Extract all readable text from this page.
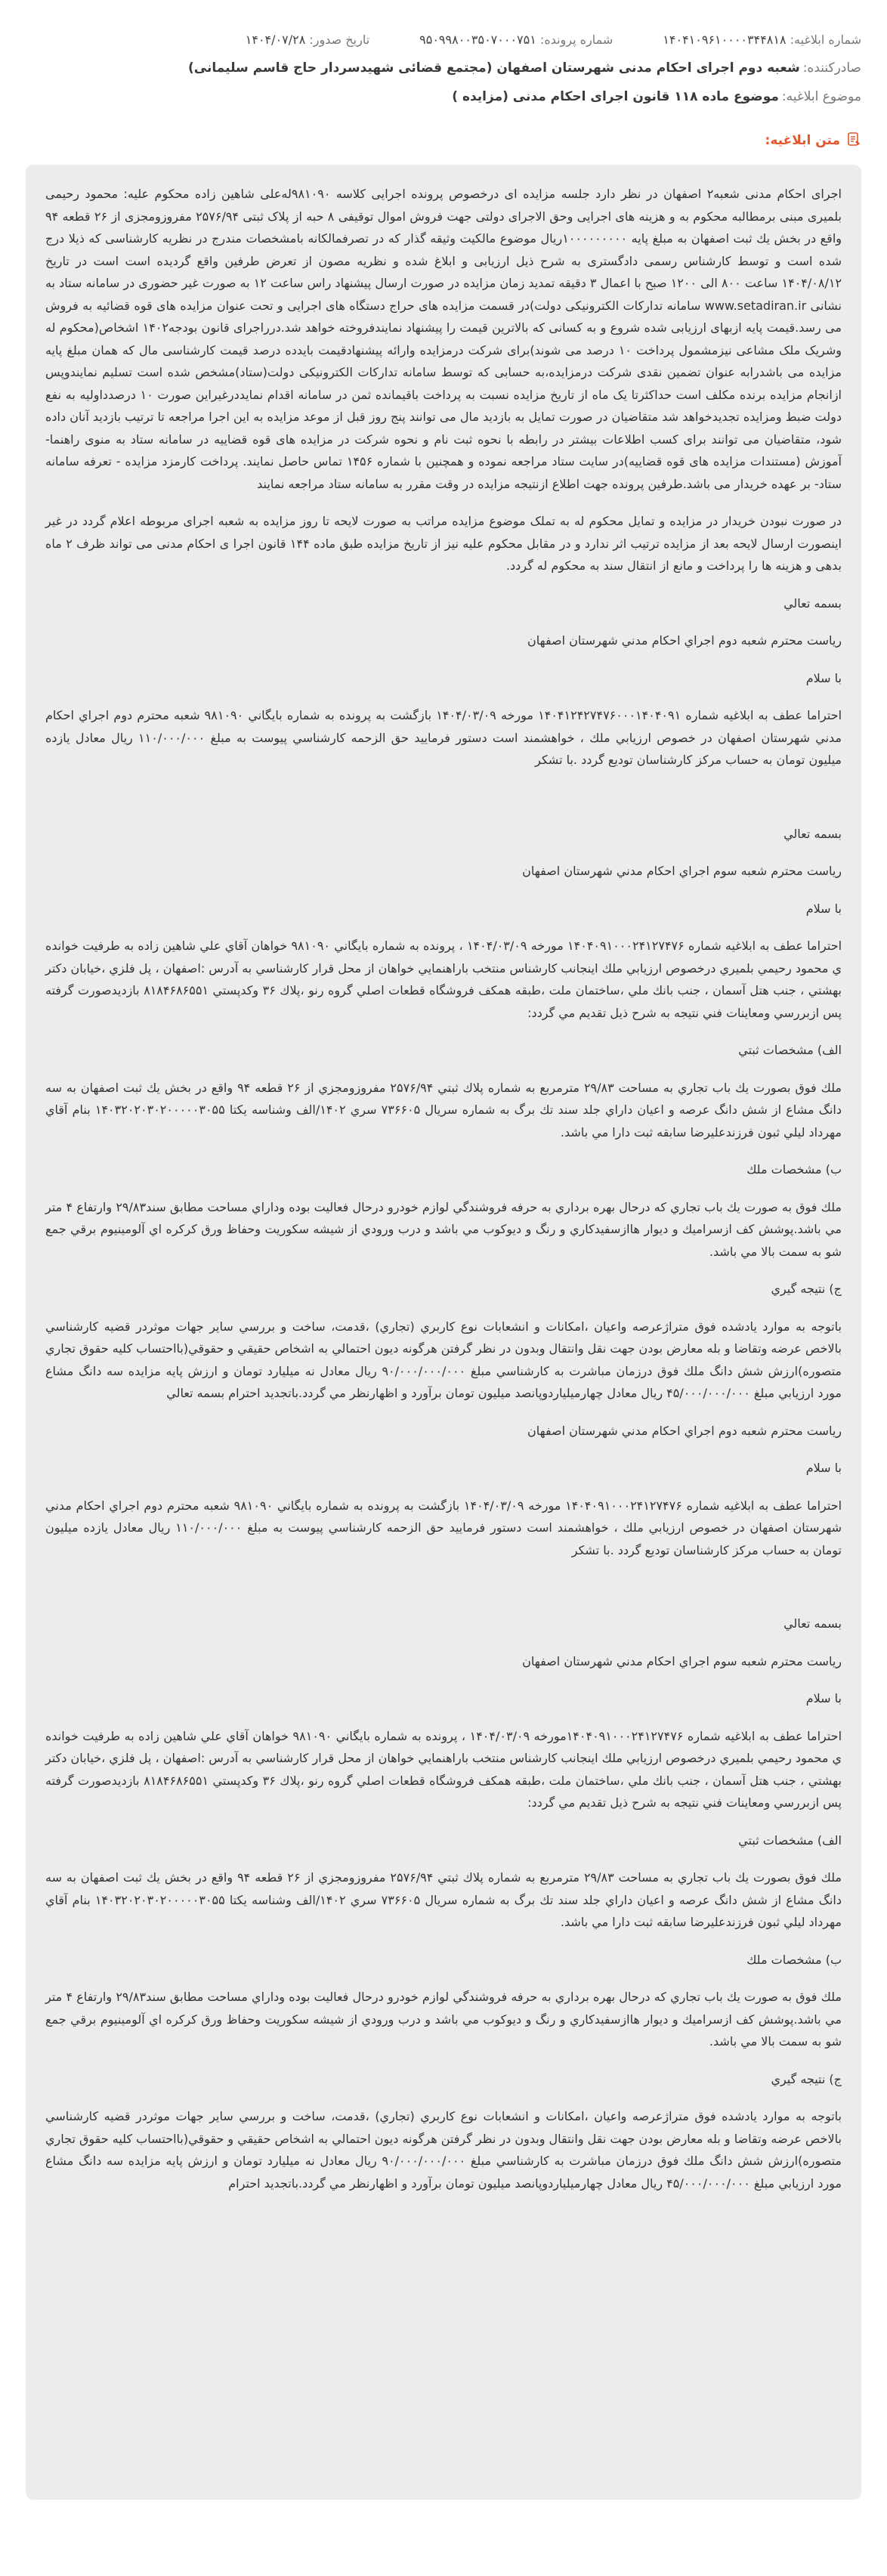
شماره ابلاغیه: ۱۴۰۴۱۰۹۶۱۰۰۰۰۳۴۴۸۱۸
شماره پرونده: ۹۵۰۹۹۸۰۰۳۵۰۷۰۰۰۷۵۱
تاریخ صدور: ۱۴۰۴/۰۷/۲۸
صادرکننده:
شعبه دوم اجرای احکام مدنی شهرستان اصفهان (مجتمع قضائی شهیدسردار حاج قاسم سلیمانی)
موضوع ابلاغیه:
موضوع ماده ۱۱۸ قانون اجرای احکام مدنی (مزایده )
متن ابلاغیه:

اجرای احکام مدنی شعبه۲ اصفهان در نظر دارد جلسه مزایده ای درخصوص پرونده اجرایی کلاسه ۹۸۱۰۹۰له‌علی شاهین زاده محکوم علیه: محمود رحیمی بلمیری مبنی برمطالبه محکوم به و هزینه های اجرایی وحق الاجرای دولتی جهت فروش اموال توقیفی ۸ حبه از پلاک ثبتی ۲۵۷۶/۹۴ مفروزومجزی از ۲۶ قطعه ۹۴ واقع در بخش یك ثبت اصفهان به مبلغ پایه ۱۰۰۰۰۰۰۰۰۰ریال موضوع مالکیت وثیقه گذار که در تصرفمالکانه بامشخصات مندرج در نظریه کارشناسی که ذیلا درج شده است و توسط کارشناس رسمی دادگستری به شرح ذیل ارزیابی و ابلاغ شده و نظریه مصون از تعرض طرفین واقع گردیده است است در تاریخ ۱۴۰۴/۰۸/۱۲ ساعت ۸۰۰ الی ۱۲۰۰ صبح با اعمال ۳ دقیقه تمدید زمان مزایده در صورت ارسال پیشنهاد راس ساعت ۱۲ به صورت غیر حضوری در سامانه ستاد به نشانی www.setadiran.ir سامانه تدارکات الکترونیکی دولت)در قسمت مزایده های حراج دستگاه های اجرایی و تحت عنوان مزایده های قوه قضائیه به فروش می رسد.قیمت پایه ازبهای ارزیابی شده شروع و به کسانی که بالاترین قیمت را پیشنهاد نمایندفروخته خواهد شد.درراجرای قانون بودجه۱۴۰۲ اشخاص(محکوم له وشریک ملک مشاعی نیزمشمول پرداخت ۱۰ درصد می شوند)برای شرکت درمزایده وارائه پیشنهادقیمت بایدده درصد قیمت کارشناسی مال که همان مبلغ پایه مزایده می باشدرابه عنوان تضمین نقدی شرکت درمزایده،به حسابی که توسط سامانه تدارکات الکترونیکی دولت(ستاد)مشخص شده است تسلیم نمایندوپس ازانجام مزایده برنده مکلف است حداکثرتا یک ماه از تاریخ مزایده نسبت به پرداخت باقیمانده ثمن در سامانه اقدام نمایددرغیراین صورت ۱۰ درصدداولیه به نفع دولت ضبط ومزایده تجدیدخواهد شد متقاضیان در صورت تمایل به بازدید مال می توانند پنج روز قبل از موعد مزایده به این اجرا مراجعه تا ترتیب بازدید آنان داده شود، متقاضیان می توانند برای کسب اطلاعات بیشتر در رابطه با نحوه ثبت نام و نحوه شرکت در مزایده های قوه قضاییه در سامانه ستاد به منوی راهنما-آموزش (مستندات مزایده های قوه قضاییه)در سایت ستاد مراجعه نموده و همچنین با شماره ۱۴۵۶ تماس حاصل نمایند. پرداخت کارمزد مزایده - تعرفه سامانه ستاد- بر عهده خریدار می باشد.طرفین پرونده جهت اطلاع ازنتیجه مزایده در وقت مقرر به سامانه ستاد مراجعه نمایند

در صورت نبودن خریدار در مزایده و تمایل محکوم له به تملک موضوع مزایده مراتب به صورت لایحه تا روز مزایده به شعبه اجرای مربوطه اعلام گردد در غیر اینصورت ارسال لایحه بعد از مزایده ترتیب اثر ندارد و در مقابل محکوم علیه نیز از تاریخ مزایده طبق ماده ۱۴۴ قانون اجرا ی احکام مدنی می تواند ظرف ۲ ماه بدهی و هزینه ها را پرداخت و مانع از انتقال سند به محکوم له گردد.

بسمه تعالي

رياست محترم شعبه دوم اجراي احكام مدني شهرستان اصفهان

با سلام

احتراما عطف به ابلاغيه شماره ۱۴۰۴۱۲۴۲۷۴۷۶۰۰۰۱۴۰۴۰۹۱ مورخه ۱۴۰۴/۰۳/۰۹ بازگشت به پرونده به شماره بايگاني ۹۸۱۰۹۰ شعبه محترم دوم اجراي احكام مدني شهرستان اصفهان در خصوص ارزيابي ملك ، خواهشمند است دستور فرماييد حق الزحمه كارشناسي پيوست به مبلغ ۱۱۰/۰۰۰/۰۰۰ ريال معادل يازده ميليون تومان به حساب مركز كارشناسان توديع گردد .با تشكر

بسمه تعالي

رياست محترم شعبه سوم اجراي احكام مدني شهرستان اصفهان

با سلام

احتراما عطف به ابلاغيه شماره ۱۴۰۴۰۹۱۰۰۰۲۴۱۲۷۴۷۶ مورخه ۱۴۰۴/۰۳/۰۹ ، پرونده به شماره بايگاني ۹۸۱۰۹۰ خواهان آقاي علي شاهين زاده به طرفيت خوانده ي محمود رحيمي بلميري درخصوص ارزيابي ملك اينجانب كارشناس منتخب باراهنمايي خواهان از محل قرار كارشناسي به آدرس :اصفهان ، پل فلزي ،خيابان دكتر بهشتي ، جنب هتل آسمان ، جنب بانك ملي ،ساختمان ملت ،طبقه همكف فروشگاه قطعات اصلي گروه رنو ،پلاك ۳۶ وكدپستي ۸۱۸۴۶۸۶۵۵۱ بازديدصورت گرفته پس ازبررسي ومعاينات فني نتيجه به شرح ذيل تقديم مي گردد:

الف) مشخصات ثبتي

ملك فوق بصورت يك باب تجاري به مساحت ۲۹/۸۳ مترمربع به شماره پلاك ثبتي ۲۵۷۶/۹۴ مفروزومجزي از ۲۶ قطعه ۹۴ واقع در بخش يك ثبت اصفهان به سه دانگ مشاع از شش دانگ عرصه و اعيان داراي جلد سند تك برگ به شماره سريال ۷۳۶۶۰۵ سري ۱۴۰۲/الف وشناسه يكتا ۱۴۰۳۲۰۲۰۳۰۲۰۰۰۰۰۳۰۵۵ بنام آقاي مهرداد ليلي ثبون فرزندعليرضا سابقه ثبت دارا مي باشد.

ب) مشخصات ملك

ملك فوق به صورت يك باب تجاري كه درحال بهره برداري به حرفه فروشندگي لوازم خودرو درحال فعاليت بوده وداراي مساحت مطابق سند۲۹/۸۳ وارتفاع ۴ متر مي باشد.پوشش كف ازسراميك و ديوار هاازسفيدكاري و رنگ و ديوكوب مي باشد و درب ورودي از شيشه سكوريت وحفاظ ورق كركره اي آلومينيوم برقي جمع شو به سمت بالا مي باشد.

ج) نتيجه گيري

باتوجه به موارد يادشده فوق متراژعرصه واعيان ،امكانات و انشعابات نوع كاربري (تجاري) ،قدمت، ساخت و بررسي ساير جهات موثردر قضيه كارشناسي بالاخص عرضه وتقاضا و بله معارض بودن جهت نقل وانتقال وبدون در نظر گرفتن هرگونه ديون احتمالي به اشخاص حقيقي و حقوقي(بااحتساب كليه حقوق تجاري متصوره)ارزش شش دانگ ملك فوق درزمان مباشرت به كارشناسي مبلغ ۹۰/۰۰۰/۰۰۰/۰۰۰ ريال معادل نه ميليارد تومان و ارزش پايه مزايده سه دانگ مشاع مورد ارزيابي مبلغ ۴۵/۰۰۰/۰۰۰/۰۰۰ ريال معادل چهارميلياردوپانصد ميليون تومان برآورد و اظهارنظر مي گردد.باتجديد احترام بسمه تعالي

رياست محترم شعبه دوم اجراي احكام مدني شهرستان اصفهان

با سلام

احتراما عطف به ابلاغيه شماره ۱۴۰۴۰۹۱۰۰۰۲۴۱۲۷۴۷۶ مورخه ۱۴۰۴/۰۳/۰۹ بازگشت به پرونده به شماره بايگاني ۹۸۱۰۹۰ شعبه محترم دوم اجراي احكام مدني شهرستان اصفهان در خصوص ارزيابي ملك ، خواهشمند است دستور فرماييد حق الزحمه كارشناسي پيوست به مبلغ ۱۱۰/۰۰۰/۰۰۰ ريال معادل يازده ميليون تومان به حساب مركز كارشناسان توديع گردد .با تشكر

بسمه تعالي

رياست محترم شعبه سوم اجراي احكام مدني شهرستان اصفهان

با سلام

احتراما عطف به ابلاغيه شماره ۱۴۰۴۰۹۱۰۰۰۲۴۱۲۷۴۷۶مورخه ۱۴۰۴/۰۳/۰۹ ، پرونده به شماره بايگاني ۹۸۱۰۹۰ خواهان آقاي علي شاهين زاده به طرفيت خوانده ي محمود رحيمي بلميري درخصوص ارزيابي ملك اينجانب كارشناس منتخب باراهنمايي خواهان از محل قرار كارشناسي به آدرس :اصفهان ، پل فلزي ،خيابان دكتر بهشتي ، جنب هتل آسمان ، جنب بانك ملي ،ساختمان ملت ،طبقه همكف فروشگاه قطعات اصلي گروه رنو ،پلاك ۳۶ وكدپستي ۸۱۸۴۶۸۶۵۵۱ بازديدصورت گرفته پس ازبررسي ومعاينات فني نتيجه به شرح ذيل تقديم مي گردد:

الف) مشخصات ثبتي

ملك فوق بصورت يك باب تجاري به مساحت ۲۹/۸۳ مترمربع به شماره پلاك ثبتي ۲۵۷۶/۹۴ مفروزومجزي از ۲۶ قطعه ۹۴ واقع در بخش يك ثبت اصفهان به سه دانگ مشاع از شش دانگ عرصه و اعيان داراي جلد سند تك برگ به شماره سريال ۷۳۶۶۰۵ سري ۱۴۰۲/الف وشناسه يكتا ۱۴۰۳۲۰۲۰۳۰۲۰۰۰۰۰۳۰۵۵ بنام آقاي مهرداد ليلي ثبون فرزندعليرضا سابقه ثبت دارا مي باشد.

ب) مشخصات ملك

ملك فوق به صورت يك باب تجاري كه درحال بهره برداري به حرفه فروشندگي لوازم خودرو درحال فعاليت بوده وداراي مساحت مطابق سند۲۹/۸۳ وارتفاع ۴ متر مي باشد.پوشش كف ازسراميك و ديوار هاازسفيدكاري و رنگ و ديوكوب مي باشد و درب ورودي از شيشه سكوريت وحفاظ ورق كركره اي آلومينيوم برقي جمع شو به سمت بالا مي باشد.

ج) نتيجه گيري

باتوجه به موارد يادشده فوق متراژعرصه واعيان ،امكانات و انشعابات نوع كاربري (تجاري) ،قدمت، ساخت و بررسي ساير جهات موثردر قضيه كارشناسي بالاخص عرضه وتقاضا و بله معارض بودن جهت نقل وانتقال وبدون در نظر گرفتن هرگونه ديون احتمالي به اشخاص حقيقي و حقوقي(بااحتساب كليه حقوق تجاري متصوره)ارزش شش دانگ ملك فوق درزمان مباشرت به كارشناسي مبلغ ۹۰/۰۰۰/۰۰۰/۰۰۰ ريال معادل نه ميليارد تومان و ارزش پايه مزايده سه دانگ مشاع مورد ارزيابي مبلغ ۴۵/۰۰۰/۰۰۰/۰۰۰ ريال معادل چهارميلياردوپانصد ميليون تومان برآورد و اظهارنظر مي گردد.باتجديد احترام
